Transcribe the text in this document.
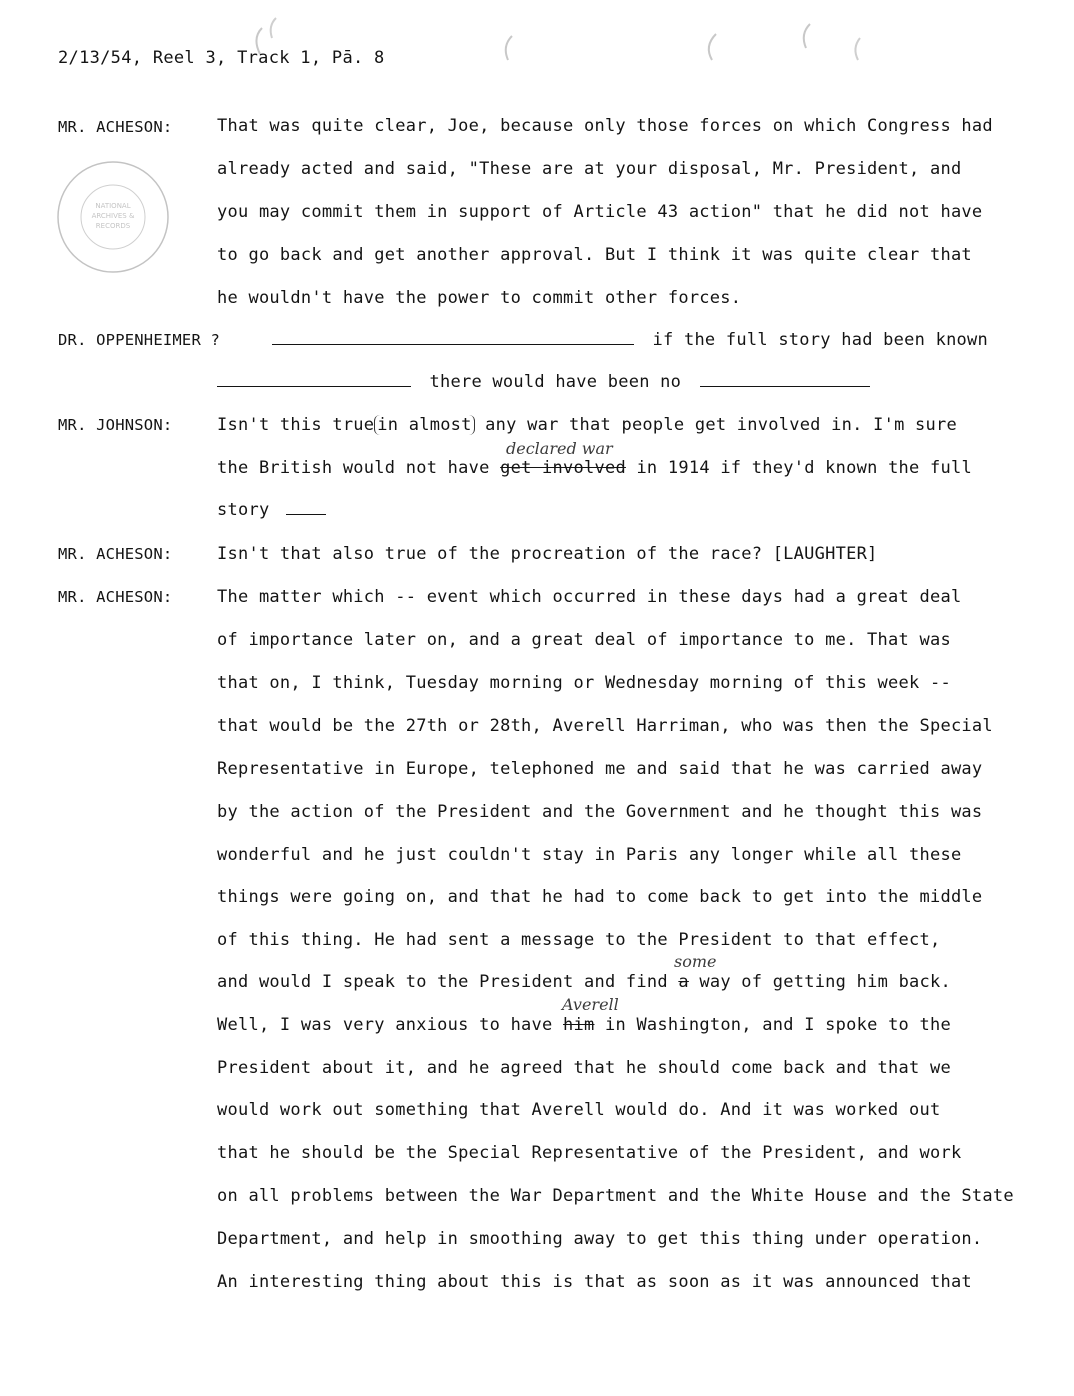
NATIONAL
ARCHIVES &
RECORDS
2/13/54, Reel 3, Track 1, Pā. 8
MR. ACHESON:	That was quite clear, Joe, because only those forces on which Congress had
already acted and said, "These are at your disposal, Mr. President, and
you may commit them in support of Article 43 action" that he did not have
to go back and get another approval. But I think it was quite clear that
he wouldn't have the power to commit other forces.
DR. OPPENHEIMER ?	if the full story had been known
there would have been no
MR. JOHNSON:	Isn't this true in almost any war that people get involved in. I'm sure
declared war
the British would not have get involved in 1914 if they'd known the full
story
MR. ACHESON:	Isn't that also true of the procreation of the race? [LAUGHTER]
MR. ACHESON:	The matter which -- event which occurred in these days had a great deal
of importance later on, and a great deal of importance to me. That was
that on, I think, Tuesday morning or Wednesday morning of this week --
that would be the 27th or 28th, Averell Harriman, who was then the Special
Representative in Europe, telephoned me and said that he was carried away
by the action of the President and the Government and he thought this was
wonderful and he just couldn't stay in Paris any longer while all these
things were going on, and that he had to come back to get into the middle
of this thing. He had sent a message to the President to that effect,
some
and would I speak to the President and find a way of getting him back.
Averell
Well, I was very anxious to have him in Washington, and I spoke to the
President about it, and he agreed that he should come back and that we
would work out something that Averell would do. And it was worked out
that he should be the Special Representative of the President, and work
on all problems between the War Department and the White House and the State
Department, and help in smoothing away to get this thing under operation.
An interesting thing about this is that as soon as it was announced that
